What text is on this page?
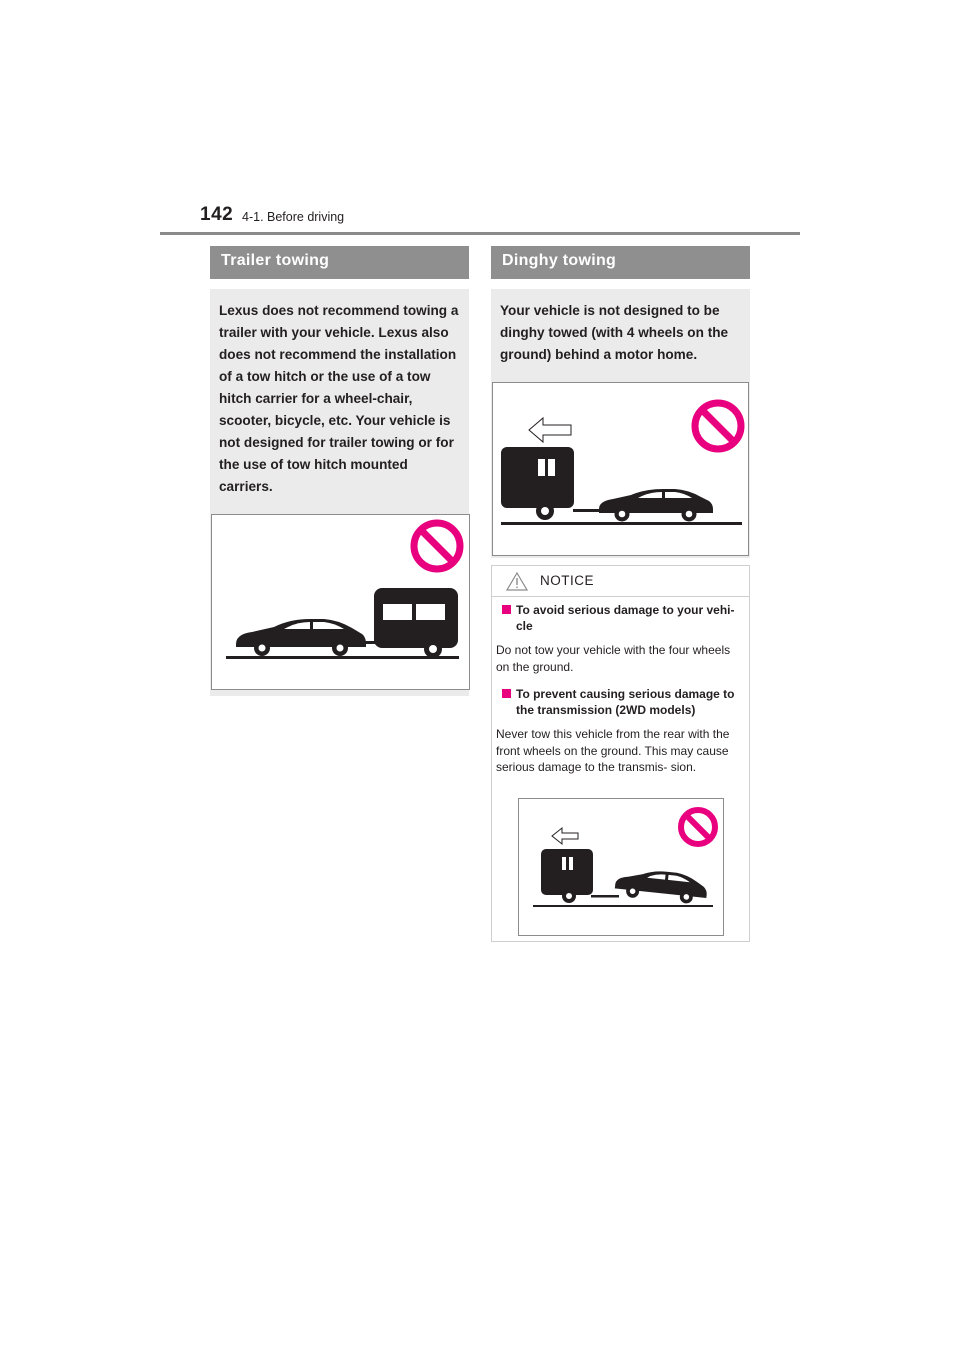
142 4-1. Before driving
Trailer towing
Lexus does not recommend towing a trailer with your vehicle. Lexus also does not recommend the installation of a tow hitch or the use of a tow hitch carrier for a wheel-chair, scooter, bicycle, etc. Your vehicle is not designed for trailer towing or for the use of tow hitch mounted carriers.
Dinghy towing
Your vehicle is not designed to be dinghy towed (with 4 wheels on the ground) behind a motor home.
NOTICE
To avoid serious damage to your vehi- cle
Do not tow your vehicle with the four wheels on the ground.
To prevent causing serious damage to the transmission (2WD models)
Never tow this vehicle from the rear with the front wheels on the ground. This may cause serious damage to the transmis- sion.
